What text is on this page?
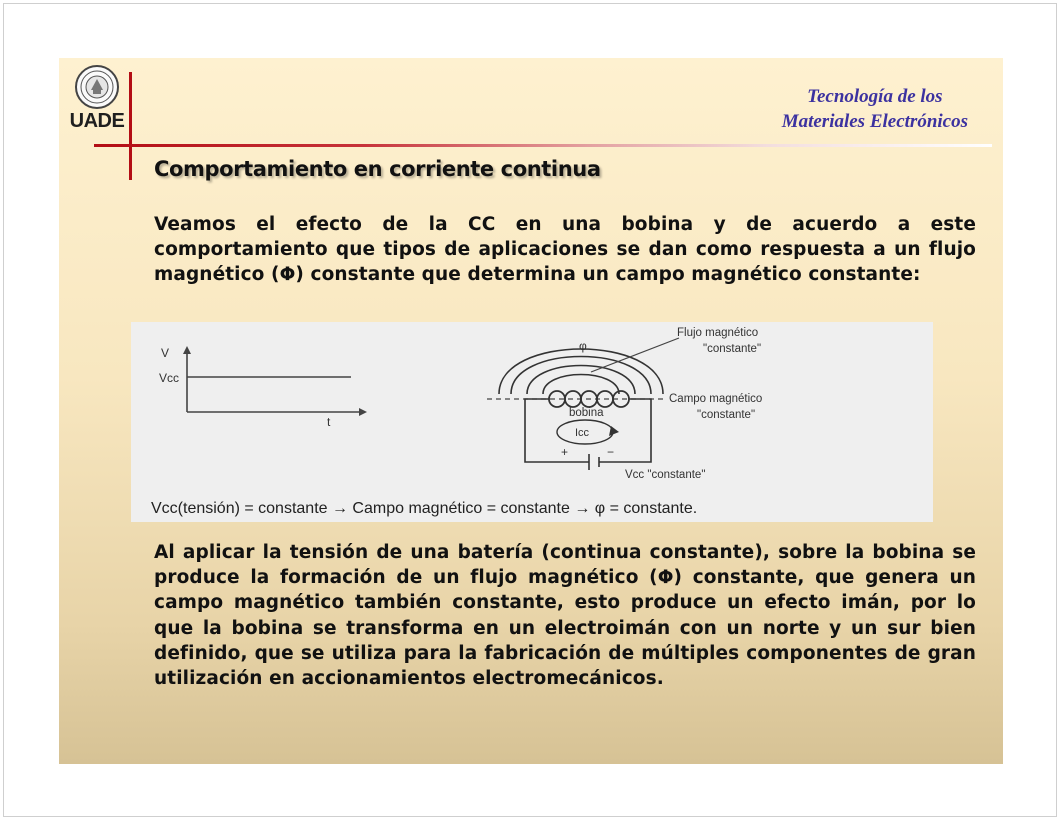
UADE
Tecnología de los
Materiales Electrónicos
Comportamiento en corriente continua

Veamos el efecto de la CC en una bobina y de acuerdo a este comportamiento que tipos de aplicaciones se dan como respuesta a un flujo magnético (Φ) constante que determina un campo magnético constante:

V
Vcc
t
φ
Flujo magnético
"constante"
bobina
Campo magnético
"constante"
Icc
+	−
Vcc "constante"
Vcc(tensión) = constante → Campo magnético = constante → φ = constante.

Al aplicar la tensión de una batería (continua constante), sobre la bobina se produce la formación de un flujo magnético (Φ) constante, que genera un campo magnético también constante, esto produce un efecto imán, por lo que la bobina se transforma en un electroimán con un norte y un sur bien definido, que se utiliza para la fabricación de múltiples componentes de gran utilización en accionamientos electromecánicos.
